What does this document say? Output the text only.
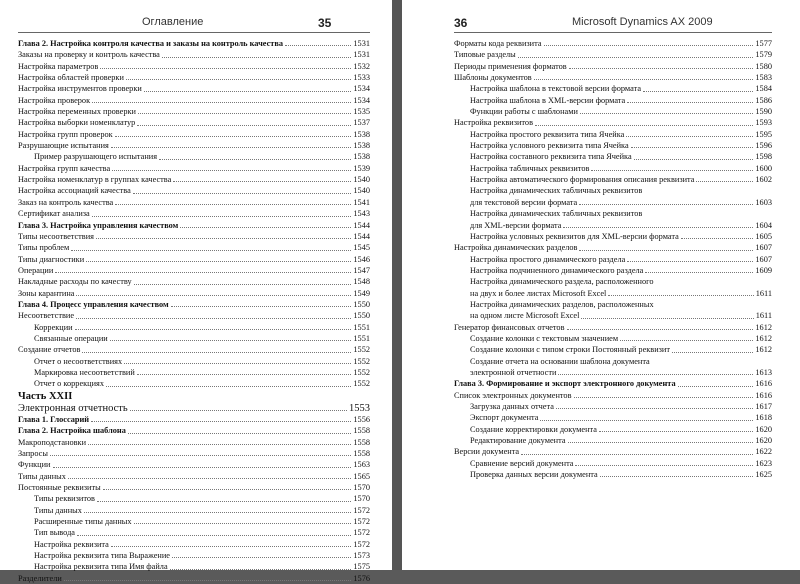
Оглавление	35
Глава 2. Настройка контроля качества и заказы на контроль качества	1531
Заказы на проверку и контроль качества	1531
Настройка параметров	1532
Настройка областей проверки	1533
Настройка инструментов проверки	1534
Настройка проверок	1534
Настройка переменных проверки	1535
Настройка выборки номенклатур	1537
Настройка групп проверок	1538
Разрушающие испытания	1538
Пример разрушающего испытания	1538
Настройка групп качества	1539
Настройка номенклатур в группах качества	1540
Настройка ассоциаций качества	1540
Заказ на контроль качества	1541
Сертификат анализа	1543
Глава 3. Настройка управления качеством	1544
Типы несоответствия	1544
Типы проблем	1545
Типы диагностики	1546
Операции	1547
Накладные расходы по качеству	1548
Зоны карантина	1549
Глава 4. Процесс управления качеством	1550
Несоответствие	1550
Коррекции	1551
Связанные операции	1551
Создание отчетов	1552
Отчет о несоответствиях	1552
Маркировка несоответствий	1552
Отчет о коррекциях	1552
Часть XXII
Электронная отчетность	1553
Глава 1. Глоссарий	1556
Глава 2. Настройка шаблона	1558
Макроподстановки	1558
Запросы	1558
Функции	1563
Типы данных	1565
Постоянные реквизиты	1570
Типы реквизитов	1570
Типы данных	1572
Расширенные типы данных	1572
Тип вывода	1572
Настройка реквизита	1572
Настройка реквизита типа Выражение	1573
Настройка реквизита типа Имя файла	1575
Разделители	1576
36	Microsoft Dynamics AX 2009
Форматы кода реквизита	1577
Типовые разделы	1579
Периоды применения форматов	1580
Шаблоны документов	1583
Настройка шаблона в текстовой версии формата	1584
Настройка шаблона в XML-версии формата	1586
Функции работы с шаблонами	1590
Настройка реквизитов	1593
Настройка простого реквизита типа Ячейка	1595
Настройка условного реквизита типа Ячейка	1596
Настройка составного реквизита типа Ячейка	1598
Настройка табличных реквизитов	1600
Настройка автоматического формирования описания реквизита	1602
Настройка динамических табличных реквизитов
для текстовой версии формата	1603
Настройка динамических табличных реквизитов
для XML-версии формата	1604
Настройка условных реквизитов для XML-версии формата	1605
Настройка динамических разделов	1607
Настройка простого динамического раздела	1607
Настройка подчиненного динамического раздела	1609
Настройка динамического раздела, расположенного
на двух и более листах Microsoft Excel	1611
Настройка динамических разделов, расположенных
на одном листе Microsoft Excel	1611
Генератор финансовых отчетов	1612
Создание колонки с текстовым значением	1612
Создание колонки с типом строки Постоянный реквизит	1612
Создание отчета на основании шаблона документа
электронной отчетности	1613
Глава 3. Формирование и экспорт электронного документа	1616
Список электронных документов	1616
Загрузка данных отчета	1617
Экспорт документа	1618
Создание корректировки документа	1620
Редактирование документа	1620
Версии документа	1622
Сравнение версий документа	1623
Проверка данных версии документа	1625
